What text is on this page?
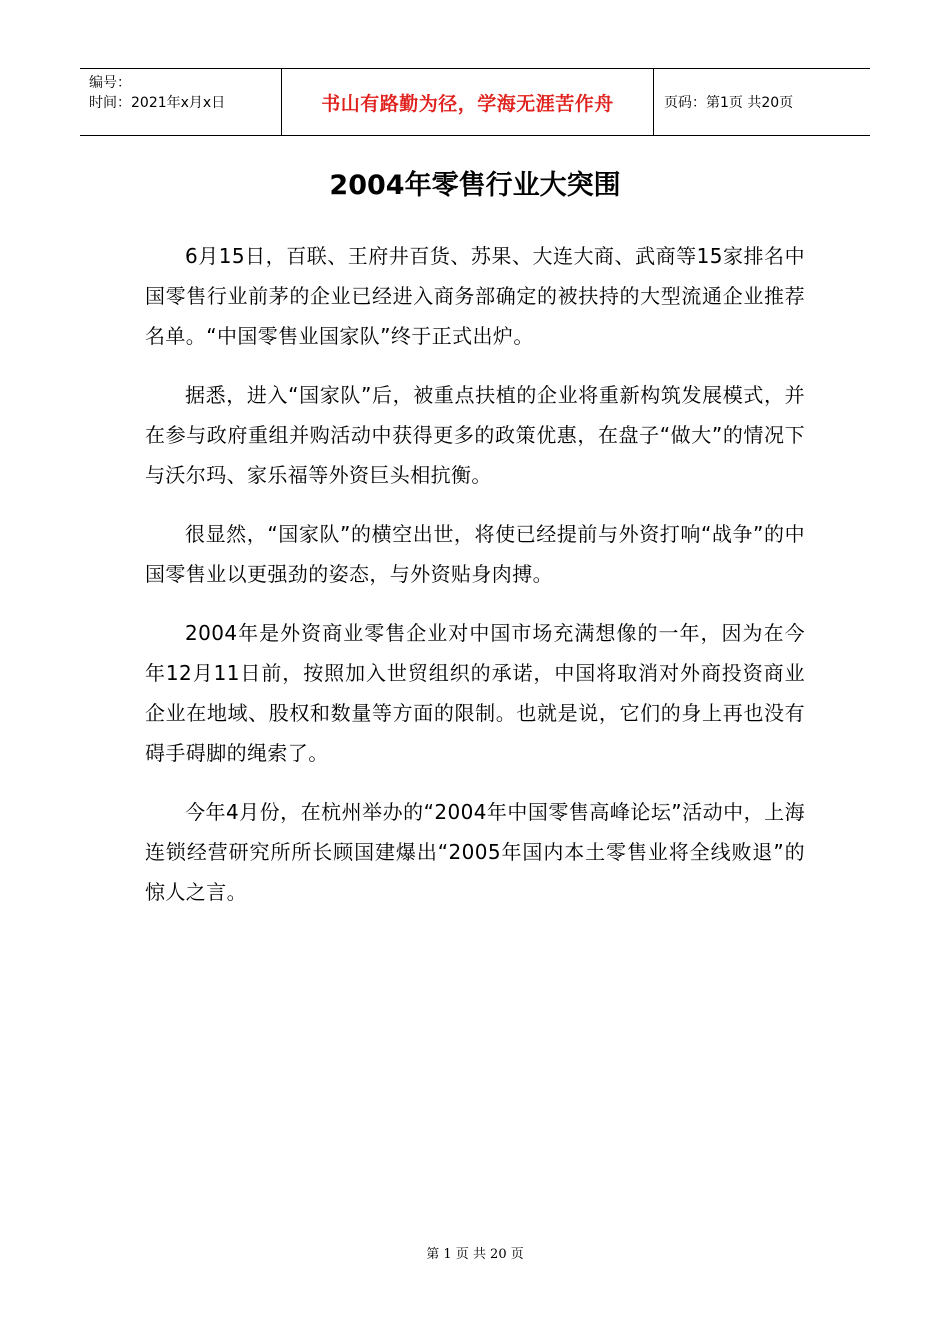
编号：
时间：2021年x月x日	书山有路勤为径，学海无涯苦作舟	页码：第1页 共20页
2004年零售行业大突围

6月15日，百联、王府井百货、苏果、大连大商、武商等15家排名中国零售行业前茅的企业已经进入商务部确定的被扶持的大型流通企业推荐名单。“中国零售业国家队”终于正式出炉。

据悉，进入“国家队”后，被重点扶植的企业将重新构筑发展模式，并在参与政府重组并购活动中获得更多的政策优惠，在盘子“做大”的情况下与沃尔玛、家乐福等外资巨头相抗衡。

很显然，“国家队”的横空出世，将使已经提前与外资打响“战争”的中国零售业以更强劲的姿态，与外资贴身肉搏。

2004年是外资商业零售企业对中国市场充满想像的一年，因为在今年12月11日前，按照加入世贸组织的承诺，中国将取消对外商投资商业企业在地域、股权和数量等方面的限制。也就是说，它们的身上再也没有碍手碍脚的绳索了。

今年4月份，在杭州举办的“2004年中国零售高峰论坛”活动中，上海连锁经营研究所所长顾国建爆出“2005年国内本土零售业将全线败退”的惊人之言。

第 1 页 共 20 页
